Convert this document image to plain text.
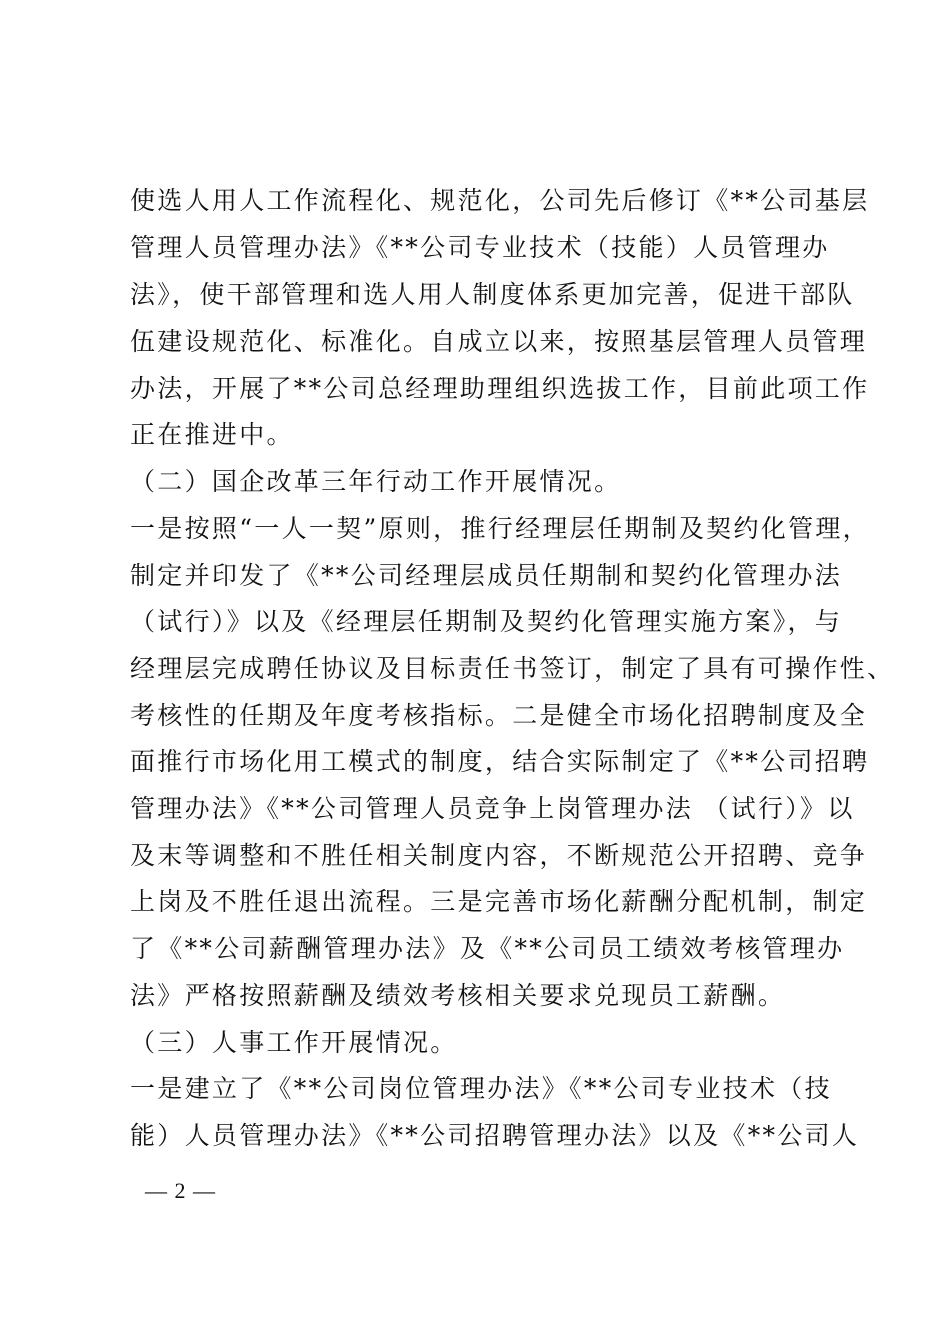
使选人用人工作流程化、规范化，公司先后修订《**公司基层
管理人员管理办法》《**公司专业技术（技能）人员管理办
法》，使干部管理和选人用人制度体系更加完善，促进干部队
伍建设规范化、标准化。自成立以来，按照基层管理人员管理
办法，开展了**公司总经理助理组织选拔工作，目前此项工作
正在推进中。
（二）国企改革三年行动工作开展情况。
一是按照“一人一契”原则，推行经理层任期制及契约化管理，
制定并印发了《**公司经理层成员任期制和契约化管理办法
（试行）》以及《经理层任期制及契约化管理实施方案》，与
经理层完成聘任协议及目标责任书签订，制定了具有可操作性、
考核性的任期及年度考核指标。二是健全市场化招聘制度及全
面推行市场化用工模式的制度，结合实际制定了《**公司招聘
管理办法》《**公司管理人员竞争上岗管理办法 （试行）》以
及末等调整和不胜任相关制度内容，不断规范公开招聘、竞争
上岗及不胜任退出流程。三是完善市场化薪酬分配机制，制定
了《**公司薪酬管理办法》及《**公司员工绩效考核管理办
法》严格按照薪酬及绩效考核相关要求兑现员工薪酬。
（三）人事工作开展情况。
一是建立了《**公司岗位管理办法》《**公司专业技术（技
能）人员管理办法》《**公司招聘管理办法》以及《**公司人
— 2 —
